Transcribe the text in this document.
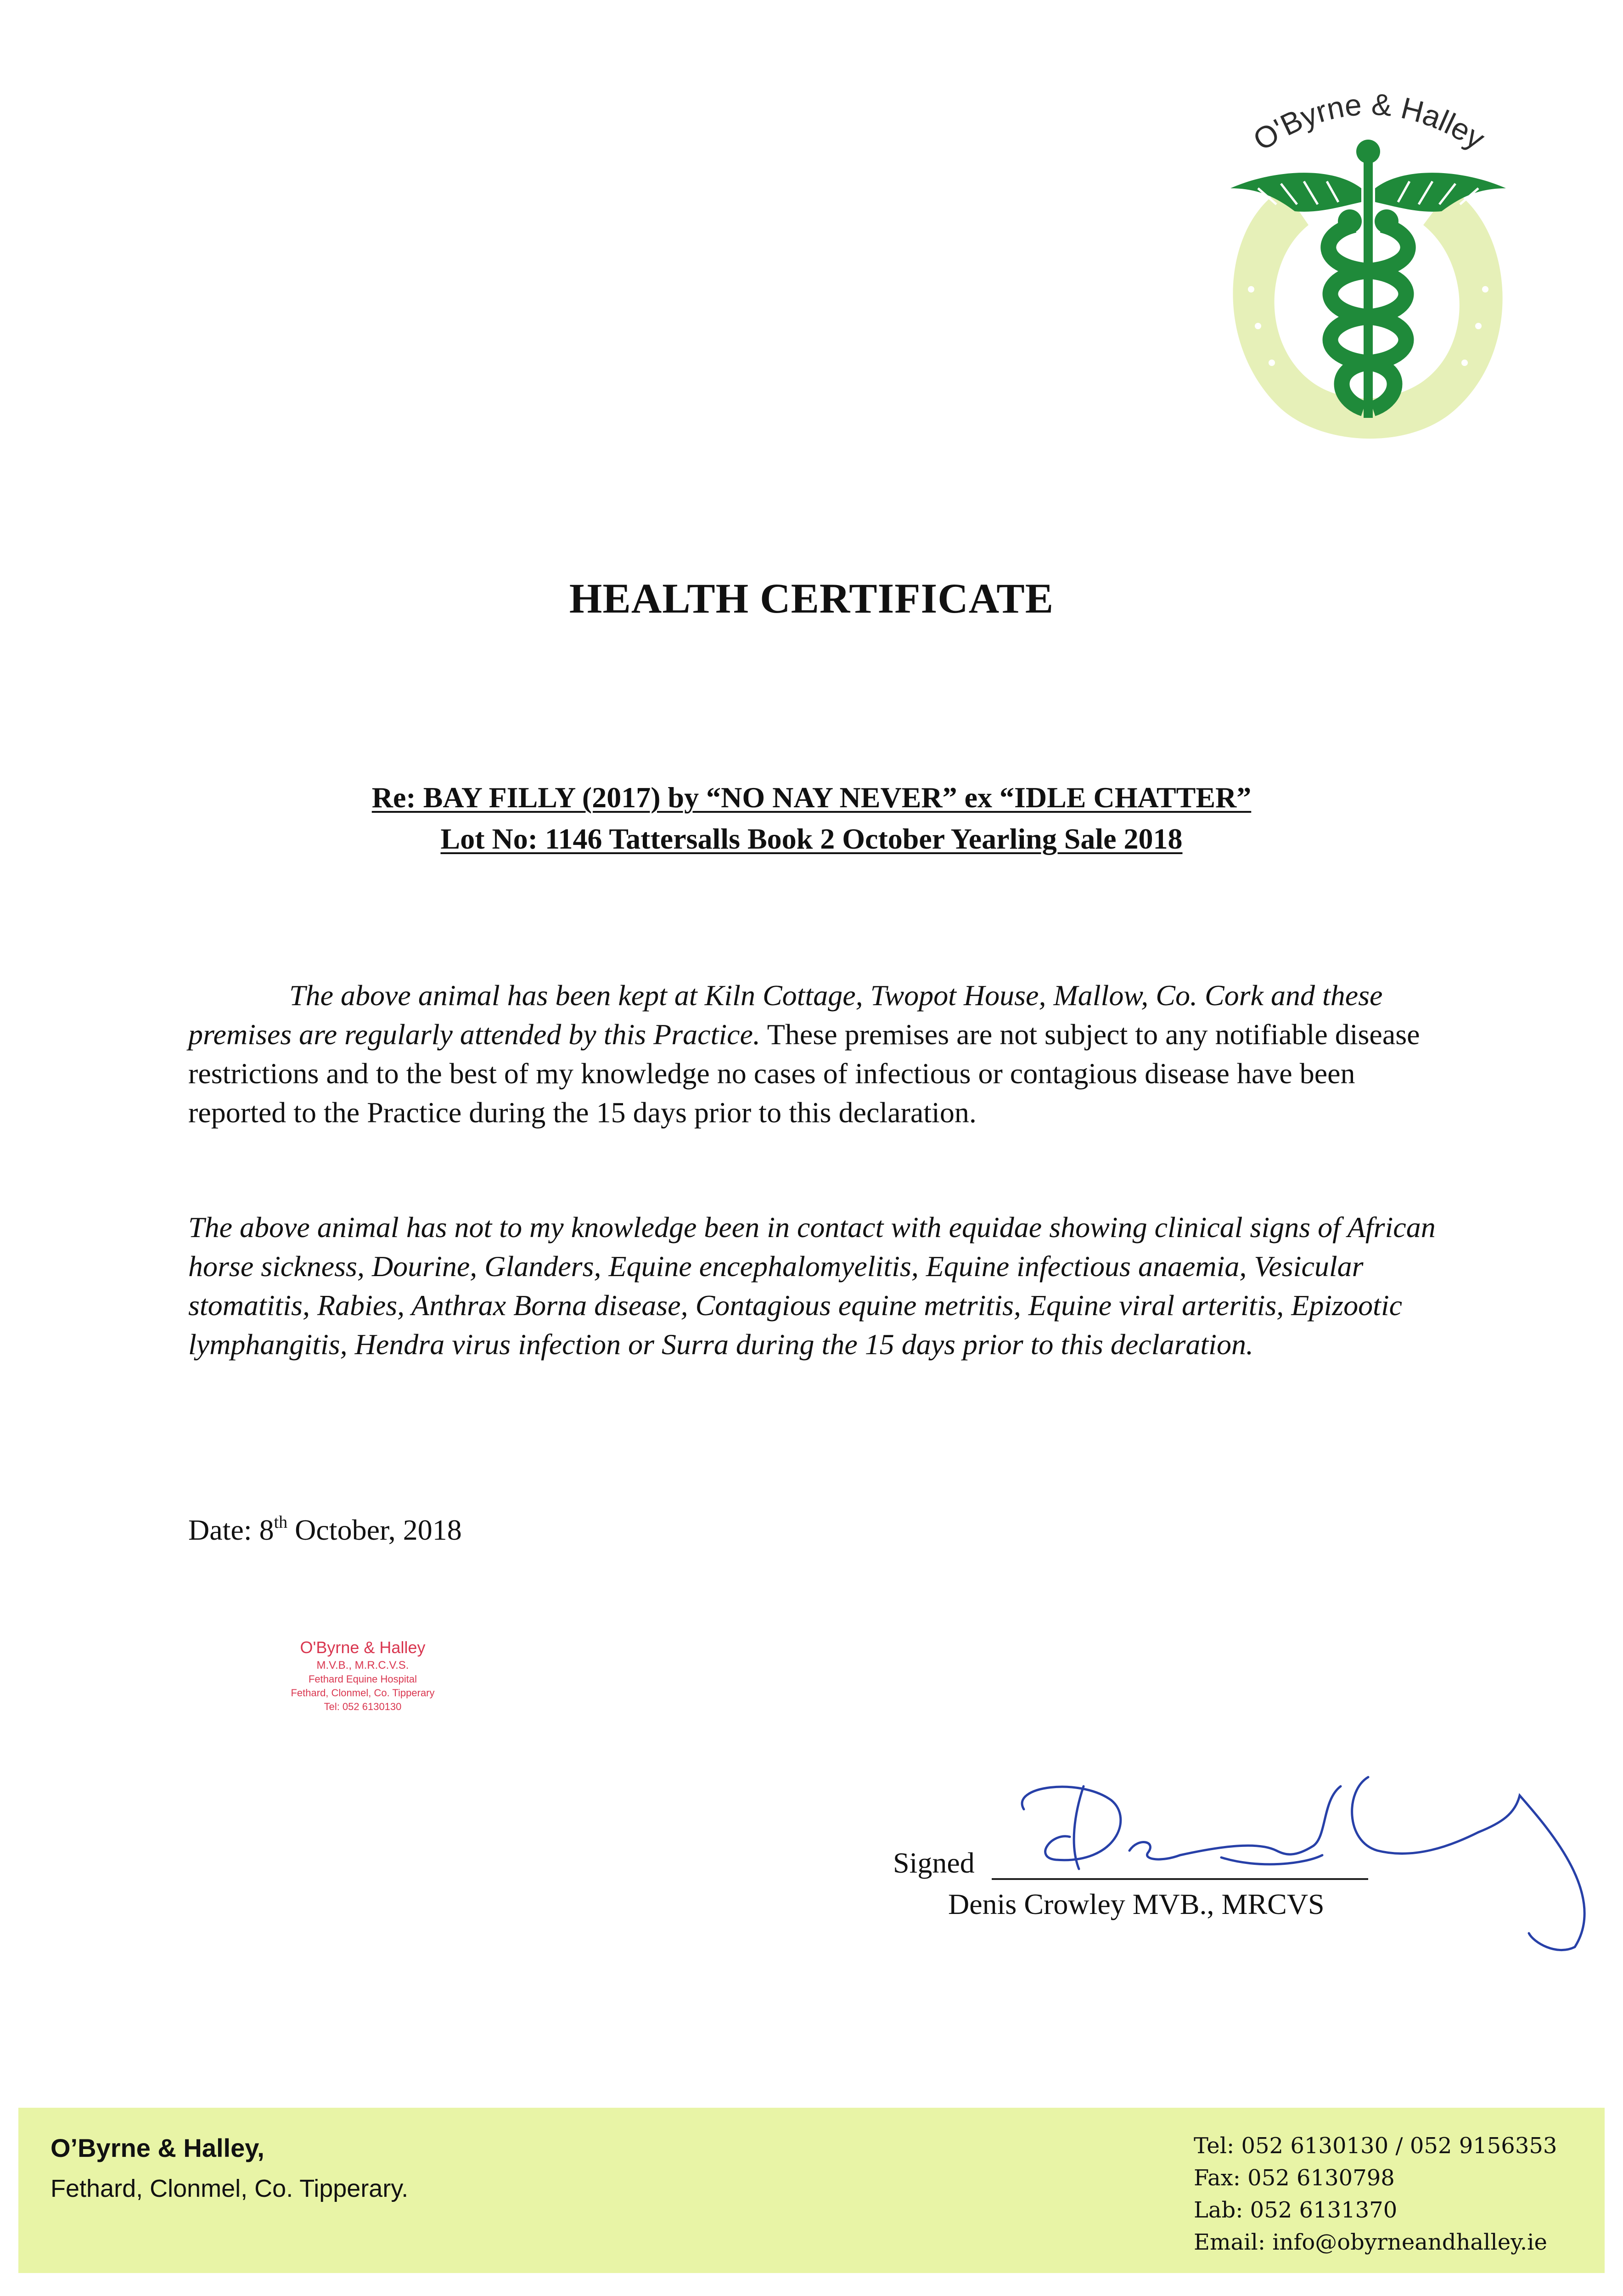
O'Byrne & Halley
HEALTH CERTIFICATE
Re: BAY FILLY (2017) by “NO NAY NEVER” ex “IDLE CHATTER”
Lot No: 1146 Tattersalls Book 2 October Yearling Sale 2018
The above animal has been kept at Kiln Cottage, Twopot House, Mallow, Co. Cork and these premises are regularly attended by this Practice. These premises are not subject to any notifiable disease restrictions and to the best of my knowledge no cases of infectious or contagious disease have been reported to the Practice during the 15 days prior to this declaration.
The above animal has not to my knowledge been in contact with equidae showing clinical signs of African horse sickness, Dourine, Glanders, Equine encephalomyelitis, Equine infectious anaemia, Vesicular stomatitis, Rabies, Anthrax Borna disease, Contagious equine metritis, Equine viral arteritis, Epizootic lymphangitis, Hendra virus infection or Surra during the 15 days prior to this declaration.
Date: 8th October, 2018
O'Byrne & Halley
M.V.B., M.R.C.V.S.
Fethard Equine Hospital
Fethard, Clonmel, Co. Tipperary
Tel: 052 6130130
Signed
Denis Crowley MVB., MRCVS
O’Byrne & Halley,
Fethard, Clonmel, Co. Tipperary.
Tel: 052 6130130 / 052 9156353
Fax: 052 6130798
Lab: 052 6131370
Email: info@obyrneandhalley.ie
